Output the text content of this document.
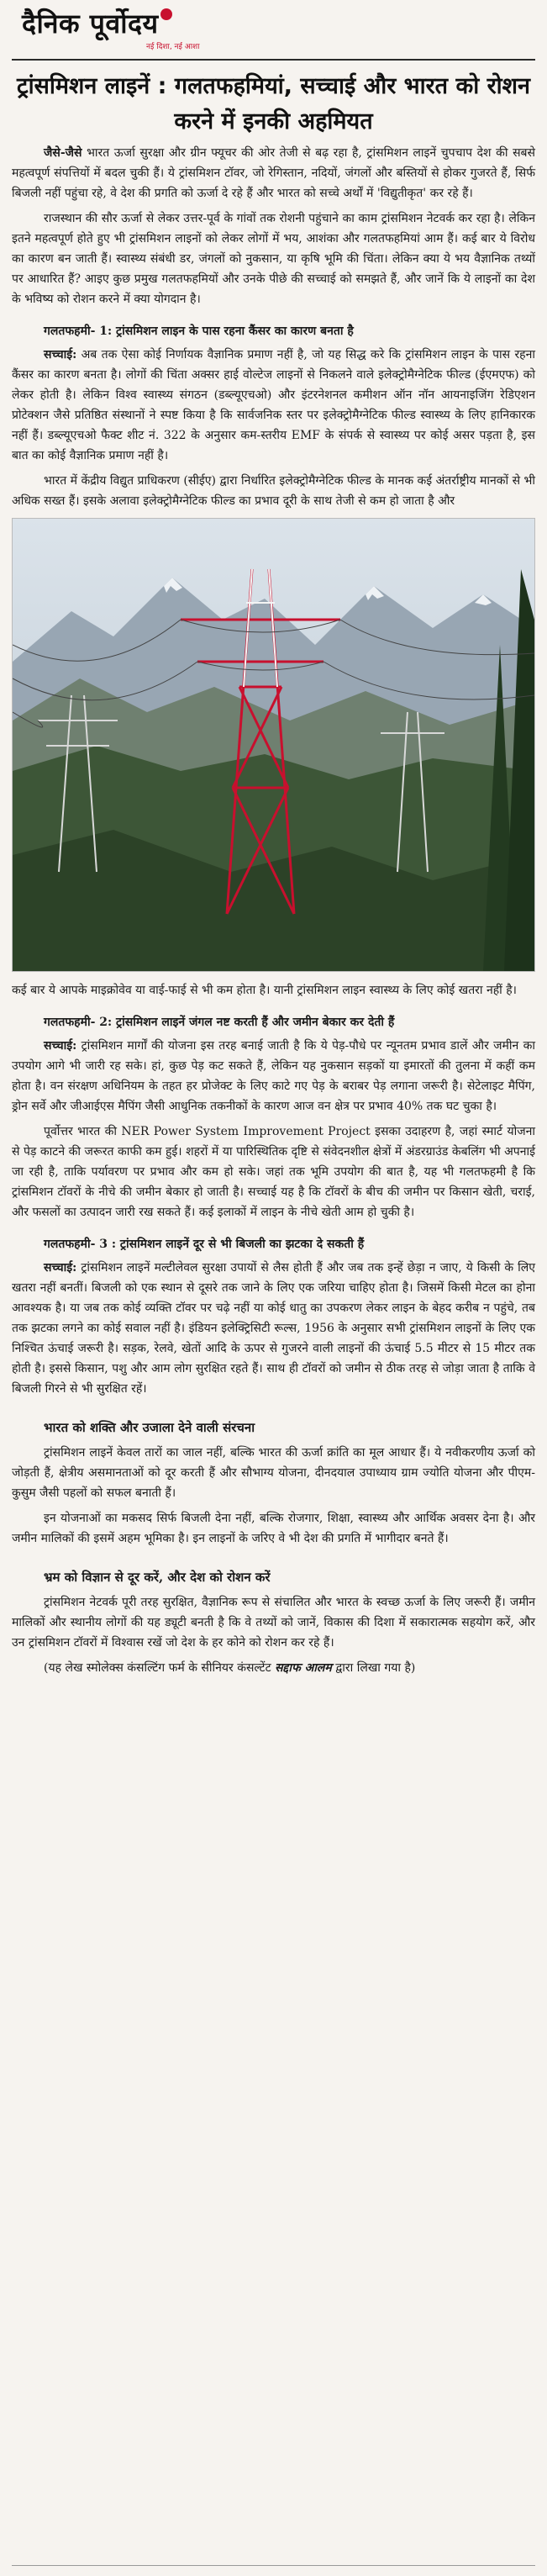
दैनिक पूर्वोदय
नई दिशा, नई आशा
ट्रांसमिशन लाइनें : गलतफहमियां, सच्चाई और भारत को रोशन करने में इनकी अहमियत

जैसे-जैसे भारत ऊर्जा सुरक्षा और ग्रीन फ्यूचर की ओर तेजी से बढ़ रहा है, ट्रांसमिशन लाइनें चुपचाप देश की सबसे महत्वपूर्ण संपत्तियों में बदल चुकी हैं। ये ट्रांसमिशन टॉवर, जो रेगिस्तान, नदियों, जंगलों और बस्तियों से होकर गुजरते हैं, सिर्फ बिजली नहीं पहुंचा रहे, वे देश की प्रगति को ऊर्जा दे रहे हैं और भारत को सच्चे अर्थों में 'विद्युतीकृत' कर रहे हैं।

राजस्थान की सौर ऊर्जा से लेकर उत्तर-पूर्व के गांवों तक रोशनी पहुंचाने का काम ट्रांसमिशन नेटवर्क कर रहा है। लेकिन इतने महत्वपूर्ण होते हुए भी ट्रांसमिशन लाइनों को लेकर लोगों में भय, आशंका और गलतफहमियां आम हैं। कई बार ये विरोध का कारण बन जाती हैं। स्वास्थ्य संबंधी डर, जंगलों को नुकसान, या कृषि भूमि की चिंता। लेकिन क्या ये भय वैज्ञानिक तथ्यों पर आधारित हैं? आइए कुछ प्रमुख गलतफहमियों और उनके पीछे की सच्चाई को समझते हैं, और जानें कि ये लाइनों का देश के भविष्य को रोशन करने में क्या योगदान है।

गलतफहमी- 1: ट्रांसमिशन लाइन के पास रहना कैंसर का कारण बनता है

सच्चाई: अब तक ऐसा कोई निर्णायक वैज्ञानिक प्रमाण नहीं है, जो यह सिद्ध करे कि ट्रांसमिशन लाइन के पास रहना कैंसर का कारण बनता है। लोगों की चिंता अक्सर हाई वोल्टेज लाइनों से निकलने वाले इलेक्ट्रोमैग्नेटिक फील्ड (ईएमएफ) को लेकर होती है। लेकिन विश्व स्वास्थ्य संगठन (डब्ल्यूएचओ) और इंटरनेशनल कमीशन ऑन नॉन आयनाइजिंग रेडिएशन प्रोटेक्शन जैसे प्रतिष्ठित संस्थानों ने स्पष्ट किया है कि सार्वजनिक स्तर पर इलेक्ट्रोमैग्नेटिक फील्ड स्वास्थ्य के लिए हानिकारक नहीं हैं। डब्ल्यूएचओ फैक्ट शीट नं. 322 के अनुसार कम-स्तरीय EMF के संपर्क से स्वास्थ्य पर कोई असर पड़ता है, इस बात का कोई वैज्ञानिक प्रमाण नहीं है।

भारत में केंद्रीय विद्युत प्राधिकरण (सीईए) द्वारा निर्धारित इलेक्ट्रोमैग्नेटिक फील्ड के मानक कई अंतर्राष्ट्रीय मानकों से भी अधिक सख्त हैं। इसके अलावा इलेक्ट्रोमैग्नेटिक फील्ड का प्रभाव दूरी के साथ तेजी से कम हो जाता है और

कई बार ये आपके माइक्रोवेव या वाई-फाई से भी कम होता है। यानी ट्रांसमिशन लाइन स्वास्थ्य के लिए कोई खतरा नहीं है।

गलतफहमी- 2: ट्रांसमिशन लाइनें जंगल नष्ट करती हैं और जमीन बेकार कर देती हैं

सच्चाई: ट्रांसमिशन मार्गों की योजना इस तरह बनाई जाती है कि ये पेड़-पौधे पर न्यूनतम प्रभाव डालें और जमीन का उपयोग आगे भी जारी रह सके। हां, कुछ पेड़ कट सकते हैं, लेकिन यह नुकसान सड़कों या इमारतों की तुलना में कहीं कम होता है। वन संरक्षण अधिनियम के तहत हर प्रोजेक्ट के लिए काटे गए पेड़ के बराबर पेड़ लगाना जरूरी है। सेटेलाइट मैपिंग, ड्रोन सर्वे और जीआईएस मैपिंग जैसी आधुनिक तकनीकों के कारण आज वन क्षेत्र पर प्रभाव 40% तक घट चुका है।

पूर्वोत्तर भारत की NER Power System Improvement Project इसका उदाहरण है, जहां स्मार्ट योजना से पेड़ काटने की जरूरत काफी कम हुई। शहरों में या पारिस्थितिक दृष्टि से संवेदनशील क्षेत्रों में अंडरग्राउंड केबलिंग भी अपनाई जा रही है, ताकि पर्यावरण पर प्रभाव और कम हो सके। जहां तक भूमि उपयोग की बात है, यह भी गलतफहमी है कि ट्रांसमिशन टॉवरों के नीचे की जमीन बेकार हो जाती है। सच्चाई यह है कि टॉवरों के बीच की जमीन पर किसान खेती, चराई, और फसलों का उत्पादन जारी रख सकते हैं। कई इलाकों में लाइन के नीचे खेती आम हो चुकी है।

गलतफहमी- 3 : ट्रांसमिशन लाइनें दूर से भी बिजली का झटका दे सकती हैं

सच्चाई: ट्रांसमिशन लाइनें मल्टीलेवल सुरक्षा उपायों से लैस होती हैं और जब तक इन्हें छेड़ा न जाए, ये किसी के लिए खतरा नहीं बनतीं। बिजली को एक स्थान से दूसरे तक जाने के लिए एक जरिया चाहिए होता है। जिसमें किसी मेटल का होना आवश्यक है। या जब तक कोई व्यक्ति टॉवर पर चढ़े नहीं या कोई धातु का उपकरण लेकर लाइन के बेहद करीब न पहुंचे, तब तक झटका लगने का कोई सवाल नहीं है। इंडियन इलेक्ट्रिसिटी रूल्स, 1956 के अनुसार सभी ट्रांसमिशन लाइनों के लिए एक निश्चित ऊंचाई जरूरी है। सड़क, रेलवे, खेतों आदि के ऊपर से गुजरने वाली लाइनों की ऊंचाई 5.5 मीटर से 15 मीटर तक होती है। इससे किसान, पशु और आम लोग सुरक्षित रहते हैं। साथ ही टॉवरों को जमीन से ठीक तरह से जोड़ा जाता है ताकि वे बिजली गिरने से भी सुरक्षित रहें।

भारत को शक्ति और उजाला देने वाली संरचना

ट्रांसमिशन लाइनें केवल तारों का जाल नहीं, बल्कि भारत की ऊर्जा क्रांति का मूल आधार हैं। ये नवीकरणीय ऊर्जा को जोड़ती हैं, क्षेत्रीय असमानताओं को दूर करती हैं और सौभाग्य योजना, दीनदयाल उपाध्याय ग्राम ज्योति योजना और पीएम-कुसुम जैसी पहलों को सफल बनाती हैं।

इन योजनाओं का मकसद सिर्फ बिजली देना नहीं, बल्कि रोजगार, शिक्षा, स्वास्थ्य और आर्थिक अवसर देना है। और जमीन मालिकों की इसमें अहम भूमिका है। इन लाइनों के जरिए वे भी देश की प्रगति में भागीदार बनते हैं।

भ्रम को विज्ञान से दूर करें, और देश को रोशन करें

ट्रांसमिशन नेटवर्क पूरी तरह सुरक्षित, वैज्ञानिक रूप से संचालित और भारत के स्वच्छ ऊर्जा के लिए जरूरी हैं। जमीन मालिकों और स्थानीय लोगों की यह ड्यूटी बनती है कि वे तथ्यों को जानें, विकास की दिशा में सकारात्मक सहयोग करें, और उन ट्रांसमिशन टॉवरों में विश्वास रखें जो देश के हर कोने को रोशन कर रहे हैं।

(यह लेख स्मोलेक्स कंसल्टिंग फर्म के सीनियर कंसल्टेंट सद्दाफ आलम द्वारा लिखा गया है)
